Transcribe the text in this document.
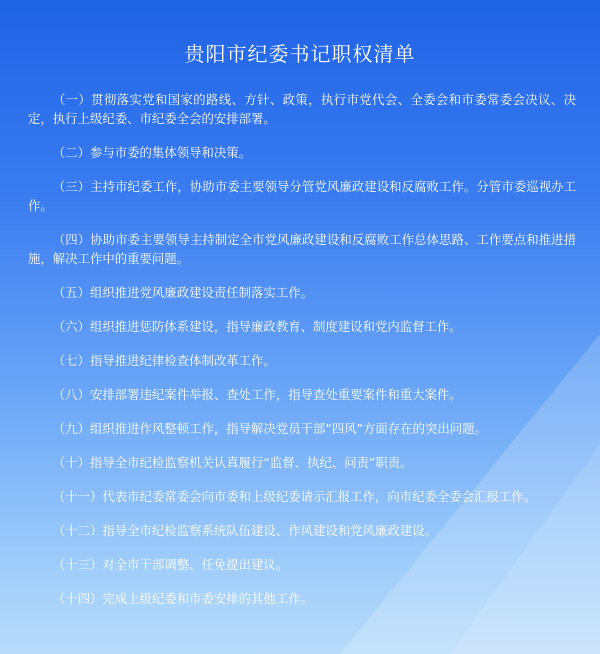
贵阳市纪委书记职权清单
（一）贯彻落实党和国家的路线、方针、政策，执行市党代会、全委会和市委常委会决议、决定，执行上级纪委、市纪委全会的安排部署。
（二）参与市委的集体领导和决策。
（三）主持市纪委工作，协助市委主要领导分管党风廉政建设和反腐败工作。分管市委巡视办工作。
（四）协助市委主要领导主持制定全市党风廉政建设和反腐败工作总体思路、工作要点和推进措施，解决工作中的重要问题。
（五）组织推进党风廉政建设责任制落实工作。
（六）组织推进惩防体系建设，指导廉政教育、制度建设和党内监督工作。
（七）指导推进纪律检查体制改革工作。
（八）安排部署违纪案件举报、查处工作，指导查处重要案件和重大案件。
（九）组织推进作风整顿工作，指导解决党员干部“四风”方面存在的突出问题。
（十）指导全市纪检监察机关认真履行“监督、执纪、问责”职责。
（十一）代表市纪委常委会向市委和上级纪委请示汇报工作，向市纪委全委会汇报工作。
（十二）指导全市纪检监察系统队伍建设、作风建设和党风廉政建设。
（十三）对全市干部调整、任免提出建议。
（十四）完成上级纪委和市委安排的其他工作。
